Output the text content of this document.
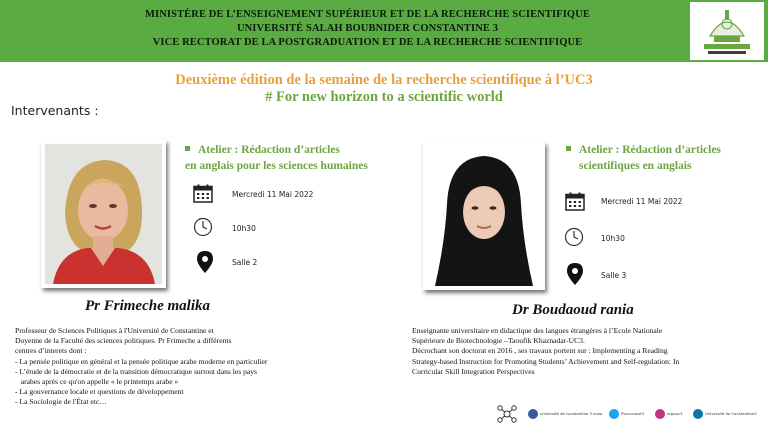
MINISTÈRE DE L’ENSEIGNEMENT SUPÉRIEUR ET DE LA RECHERCHE SCIENTIFIQUE
UNIVERSITÉ SALAH BOUBNIDER CONSTANTINE 3
VICE RECTORAT DE LA POSTGRADUATION ET DE LA RECHERCHE SCIENTIFIQUE
Deuxième édition de la semaine de la recherche scientifique à l’UC3
# For new horizon to a scientific world
Intervenants :
Atelier : Rédaction d’articles
en anglais pour les sciences humaines
Mercredi 11 Mai 2022
10h30
Salle 2
Pr Frimeche malika
Professeur de Sciences Politiques à l'Université de Constantine et
Doyenne de la Faculté des sciences politiques. Pr Frimeche a différents
centres d’interets dont :
- La pensée politique en général et la pensée politique arabe moderne en particulier
- L’étude de la démocratie et de la transition démocratique surtout dans les pays
arabes après ce qu'on appelle « le printemps arabe »
- La gouvernance locale et questions de développement
- La Sociologie de l'État etc…
Atelier : Rédaction d’articles
scientifiques en anglais
Mercredi 11 Mai 2022
10h30
Salle 3
Dr Boudaoud rania
Enseignante universitaire en didactique des langues étrangères à l’Ecole Nationale
Supérieure de Biotechnologie –Taoufik Khaznadar-UC3.
Décrochant son doctorat en 2016 , ses travaux portent sur : Implementing a Reading
Strategy-based Instruction for Promoting Students’ Achievement and Self-regulation: In
Curricular Skill Integration Perspectives
université de constantine 3 ouvp	Pvsruconst3	vrppuc3	Université de Constantine3
